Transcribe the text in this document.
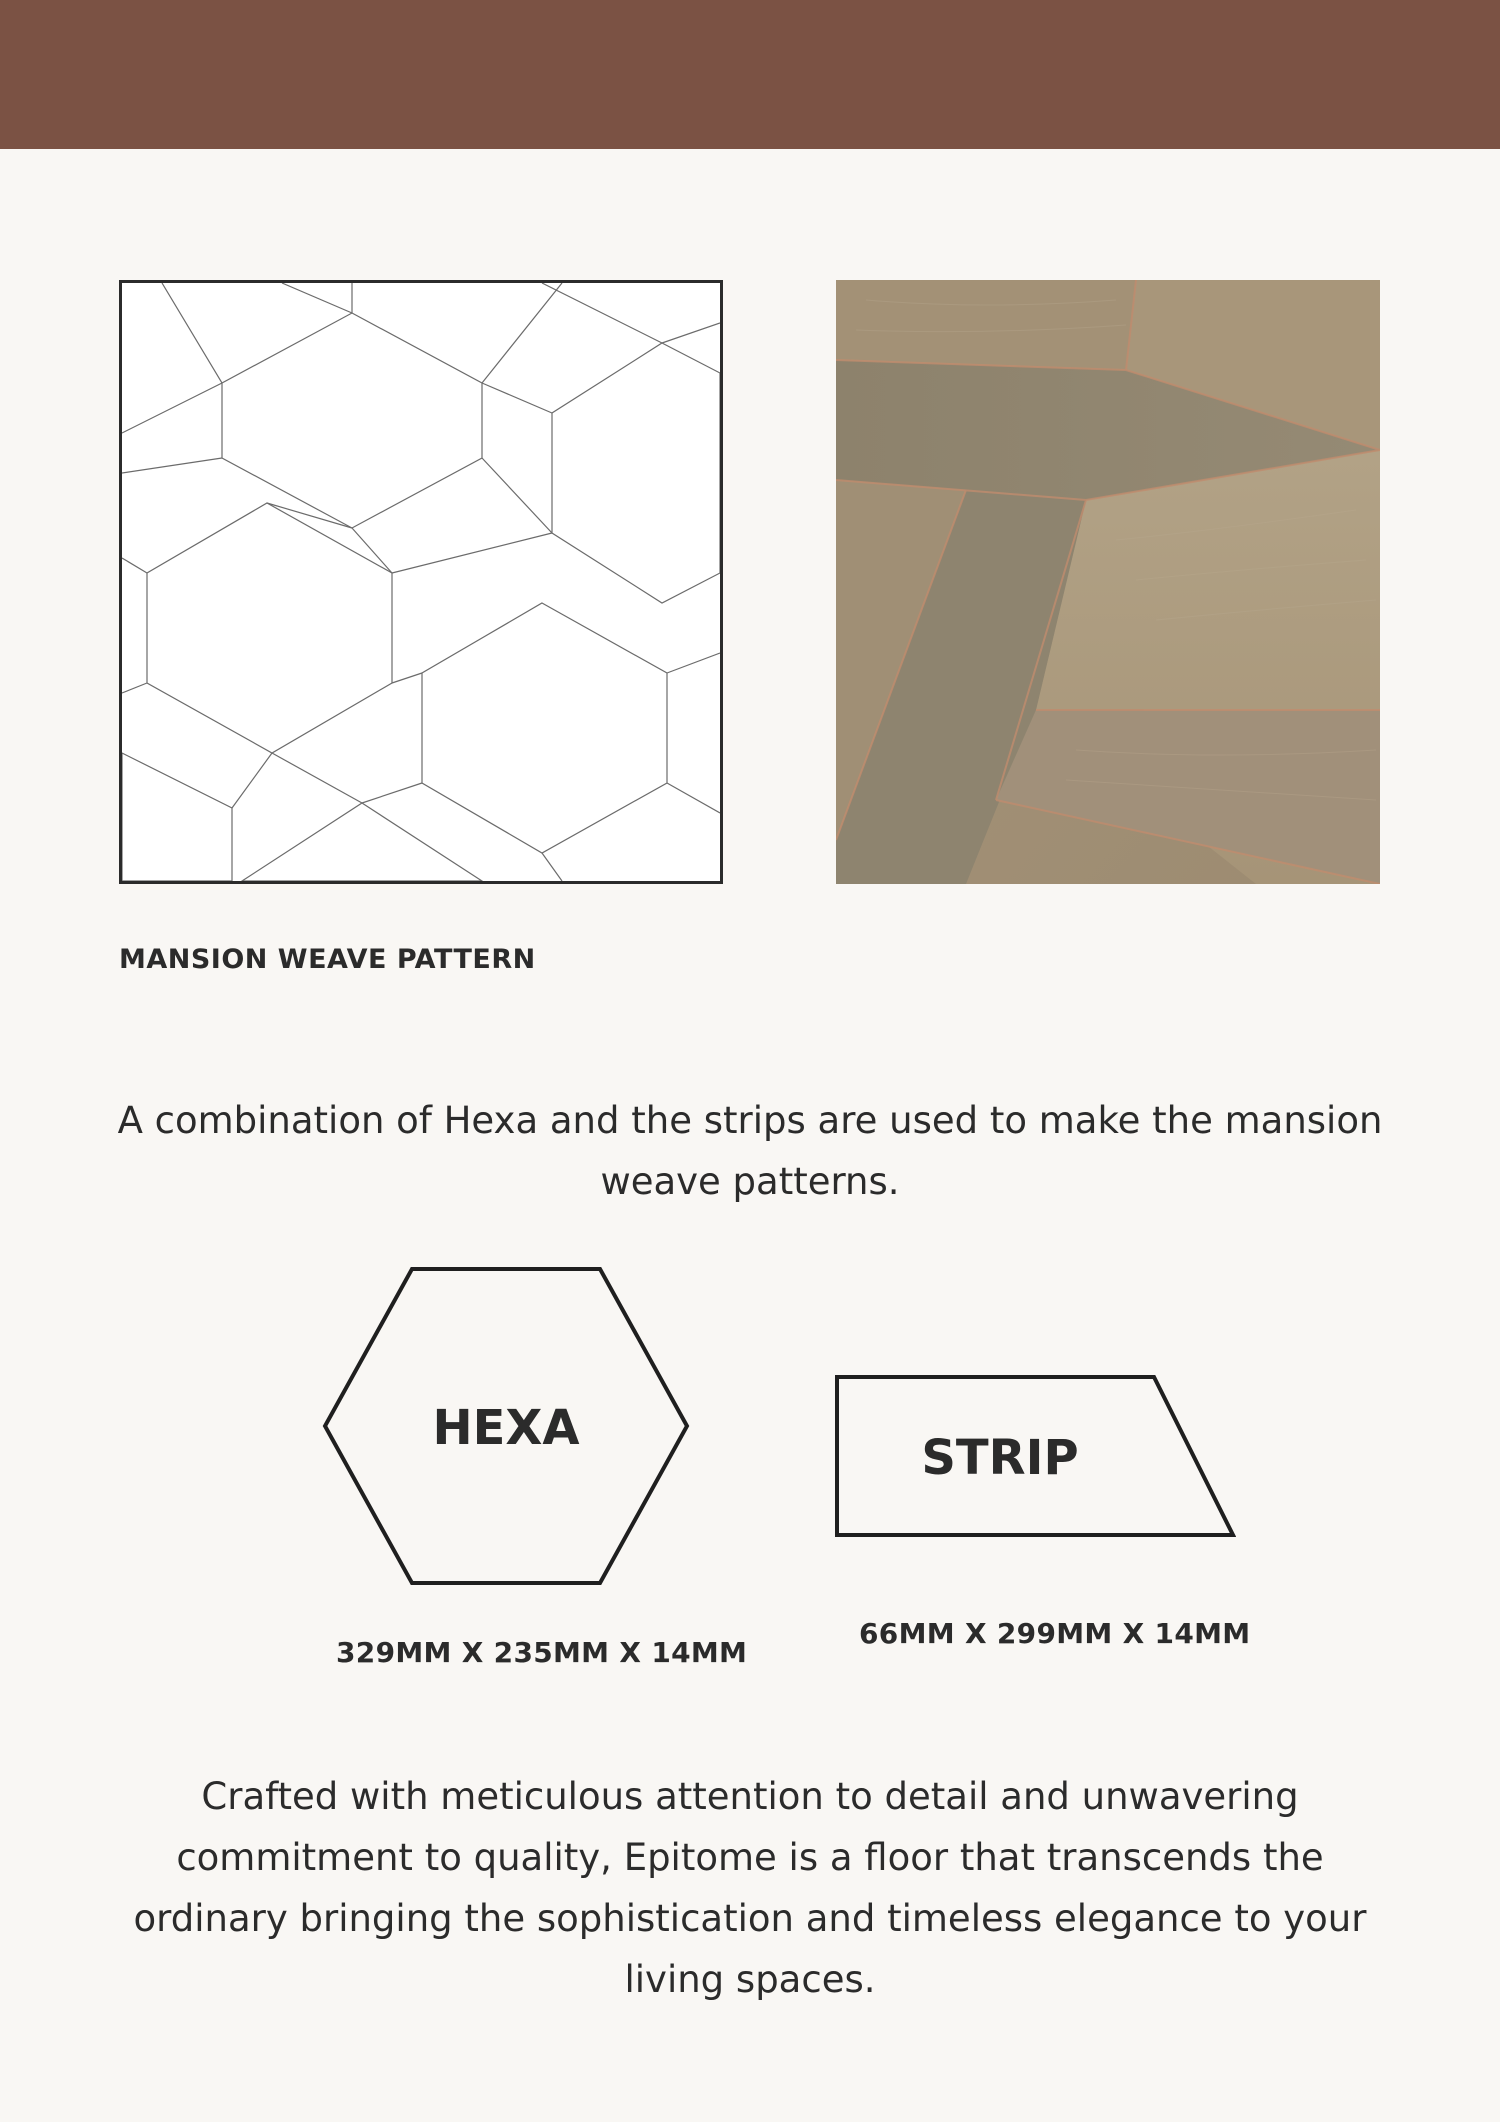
MANSION WEAVE PATTERN
A combination of Hexa and the strips are used to make the mansion weave patterns.
HEXA
STRIP
329MM X 235MM X 14MM
66MM X 299MM X 14MM
Crafted with meticulous attention to detail and unwavering commitment to quality, Epitome is a floor that transcends the ordinary bringing the sophistication and timeless elegance to your living spaces.
